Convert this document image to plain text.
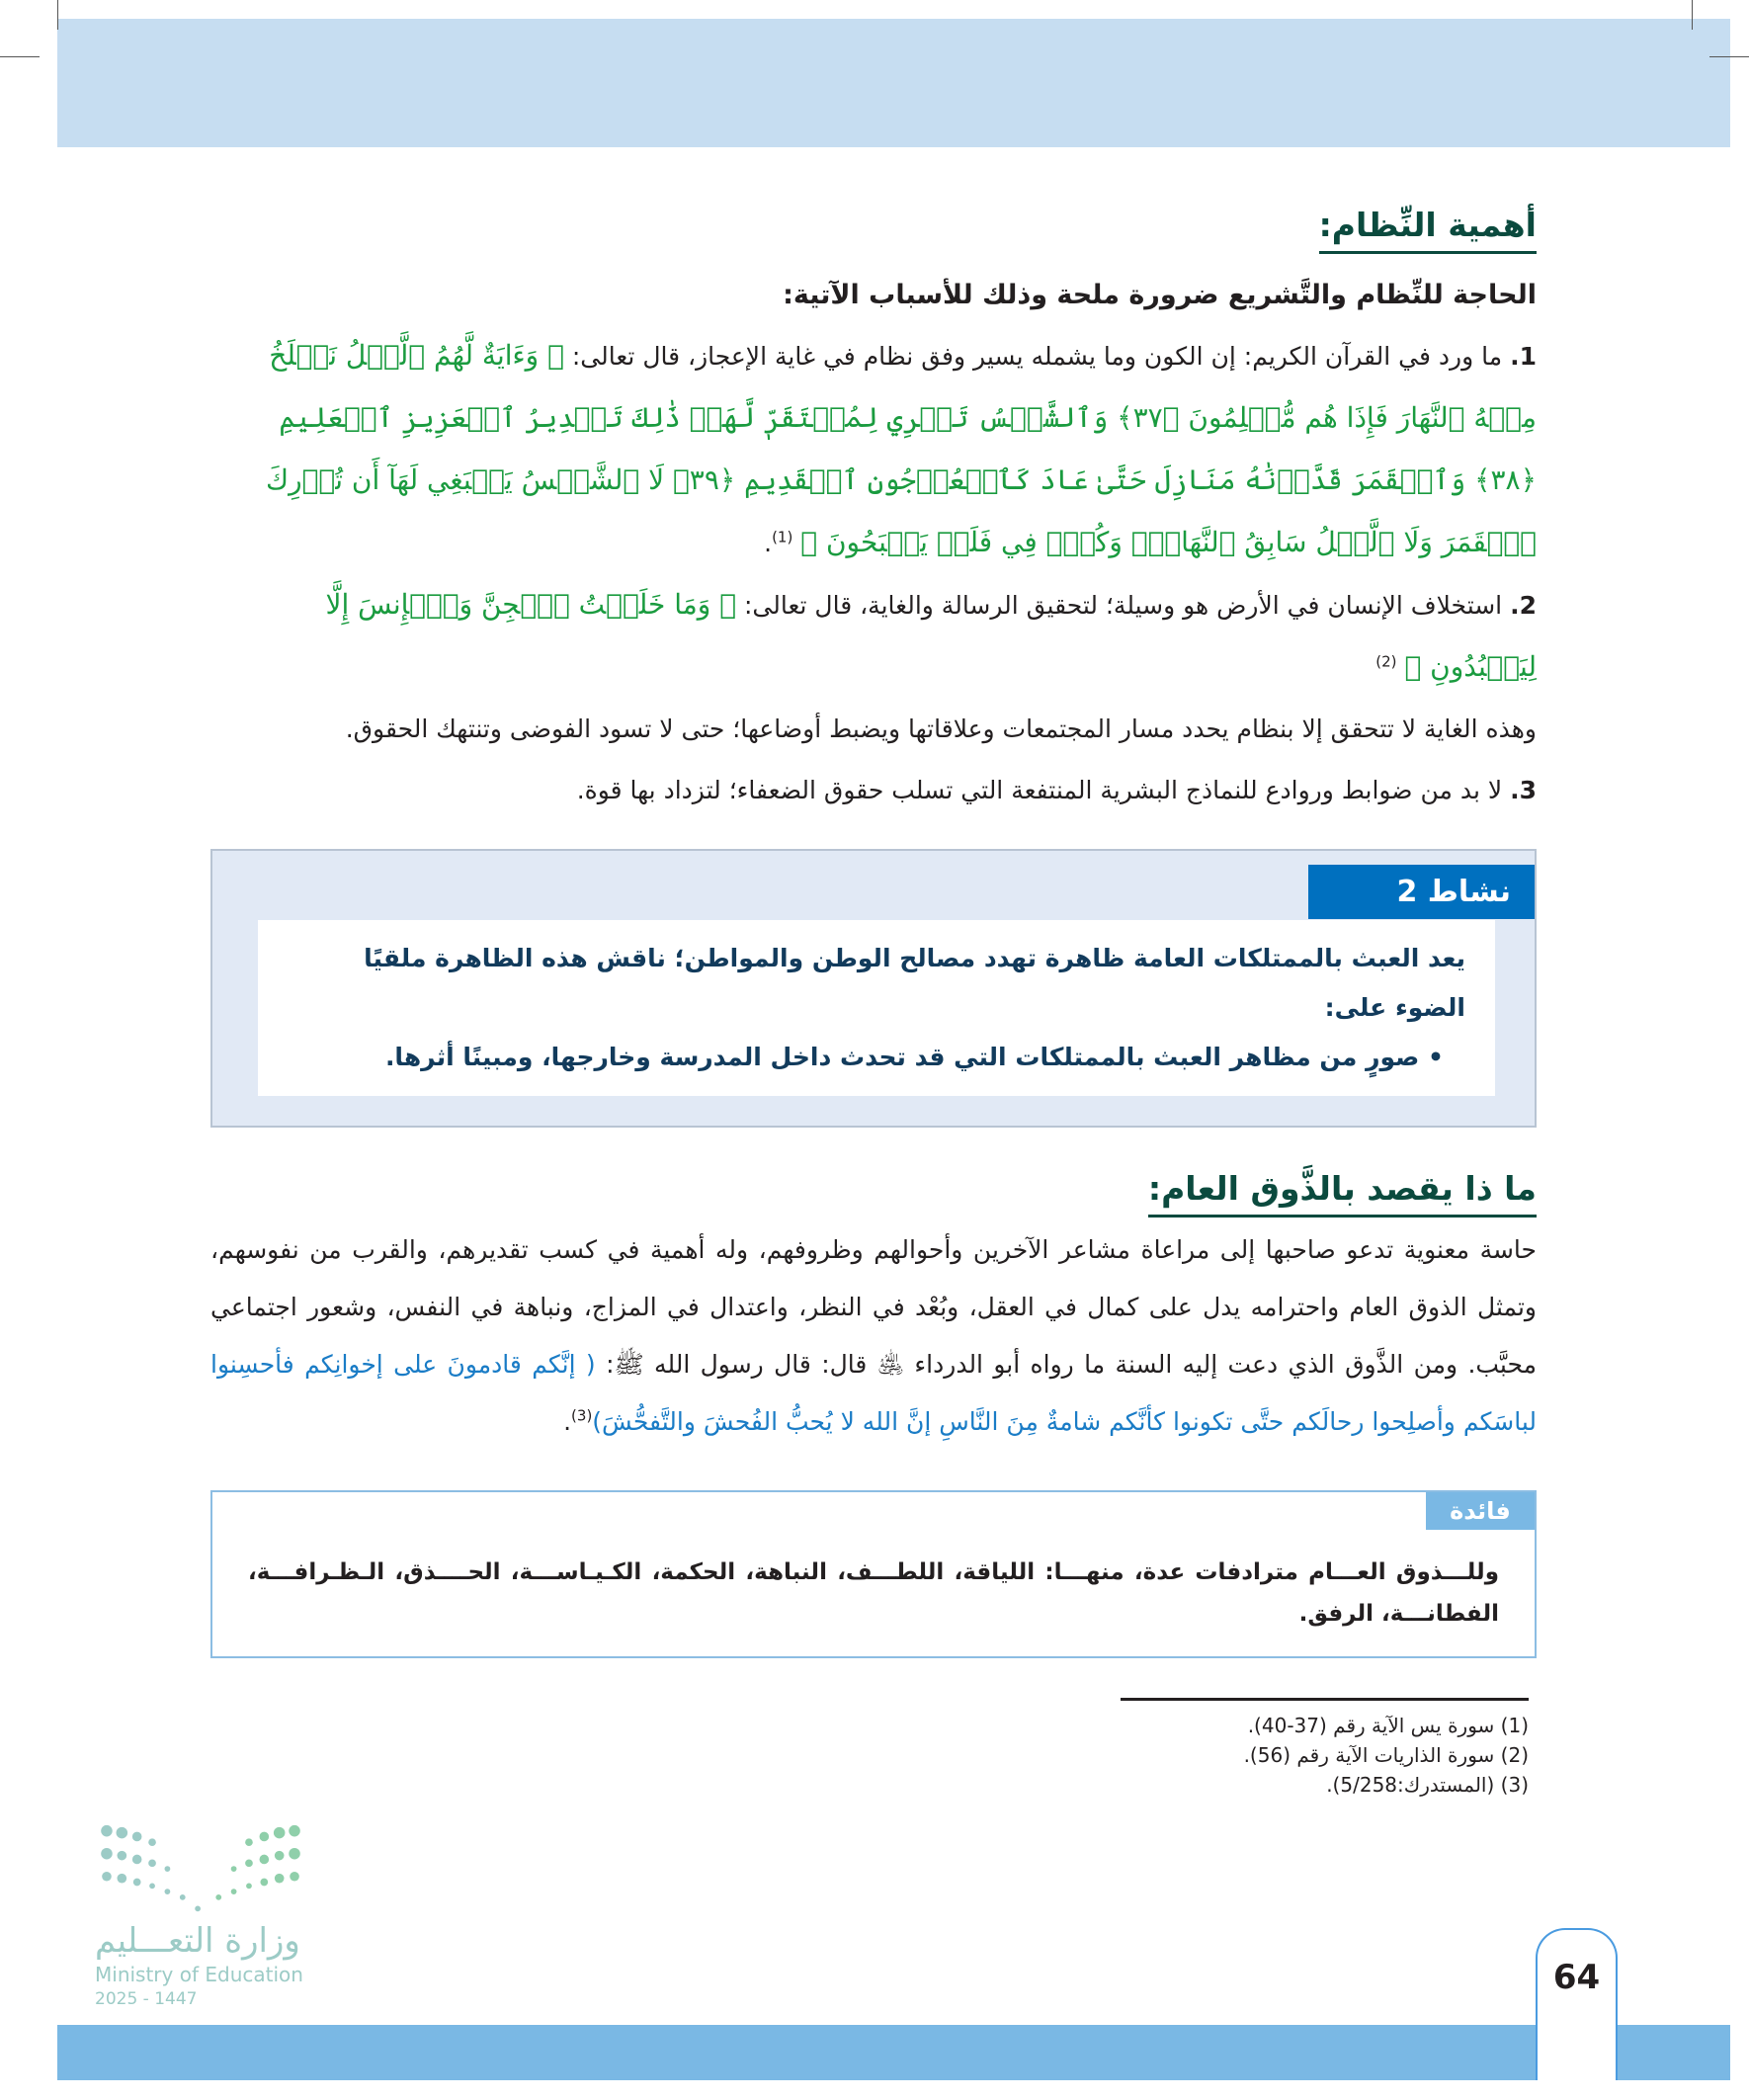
أهمية النِّظام:
الحاجة للنِّظام والتَّشريع ضرورة ملحة وذلك للأسباب الآتية:
1. ما ورد في القرآن الكريم: إن الكون وما يشمله يسير وفق نظام في غاية الإعجاز، قال تعالى: ﴿ وَءَايَةٌ لَّهُمُ ٱلَّيۡلُ نَسۡلَخُ مِنۡهُ ٱلنَّهَارَ فَإِذَا هُم مُّظۡلِمُونَ ﴿٣٧﴾ وَٱلشَّمۡسُ تَجۡرِي لِمُسۡتَقَرّٖ لَّهَاۚ ذَٰلِكَ تَقۡدِيرُ ٱلۡعَزِيزِ ٱلۡعَلِيمِ ﴿٣٨﴾ وَٱلۡقَمَرَ قَدَّرۡنَٰهُ مَنَازِلَ حَتَّىٰ عَادَ كَٱلۡعُرۡجُونِ ٱلۡقَدِيمِ ﴿٣٩﴾ لَا ٱلشَّمۡسُ يَنۢبَغِي لَهَآ أَن تُدۡرِكَ ٱلۡقَمَرَ وَلَا ٱلَّيۡلُ سَابِقُ ٱلنَّهَارِۚ وَكُلّٞ فِي فَلَكٖ يَسۡبَحُونَ ﴾ $^{(1)}$.
2. استخلاف الإنسان في الأرض هو وسيلة؛ لتحقيق الرسالة والغاية، قال تعالى: ﴿ وَمَا خَلَقۡتُ ٱلۡجِنَّ وَٱلۡإِنسَ إِلَّا لِيَعۡبُدُونِ ﴾ $^{(2)}$
وهذه الغاية لا تتحقق إلا بنظام يحدد مسار المجتمعات وعلاقاتها ويضبط أوضاعها؛ حتى لا تسود الفوضى وتنتهك الحقوق.
3. لا بد من ضوابط وروادع للنماذج البشرية المنتفعة التي تسلب حقوق الضعفاء؛ لتزداد بها قوة.
نشاط 2
يعد العبث بالممتلكات العامة ظاهرة تهدد مصالح الوطن والمواطن؛ ناقش هذه الظاهرة ملقيًا الضوء على:
• صورٍ من مظاهر العبث بالممتلكات التي قد تحدث داخل المدرسة وخارجها، ومبينًا أثرها.
ما ذا يقصد بالذَّوق العام:
حاسة معنوية تدعو صاحبها إلى مراعاة مشاعر الآخرين وأحوالهم وظروفهم، وله أهمية في كسب تقديرهم، والقرب من نفوسهم، وتمثل الذوق العام واحترامه يدل على كمال في العقل، وبُعْد في النظر، واعتدال في المزاج، ونباهة في النفس، وشعور اجتماعي محبَّب. ومن الذَّوق الذي دعت إليه السنة ما رواه أبو الدرداء ﵁ قال: قال رسول الله ﷺ: ( إنَّكم قادمونَ على إخوانِكم فأحسِنوا لباسَكم وأصلِحوا رحالَكم حتَّى تكونوا كأنَّكم شامةٌ مِنَ النَّاسِ إنَّ الله لا يُحبُّ الفُحشَ والتَّفحُّشَ)$^{(3)}$.
فائدة
وللـــذوق العـــام مترادفات عدة، منهـــا: اللياقة، اللطـــف، النباهة، الحكمة، الكـيـاســـة، الحــــذق، الـظـرافـــة، الفطانـــة، الرفق.
(1) سورة يس الآية رقم (37-40).
(2) سورة الذاريات الآية رقم (56).
(3) (المستدرك:5/258).
وزارة التعـــليم
Ministry of Education
2025 - 1447
64
